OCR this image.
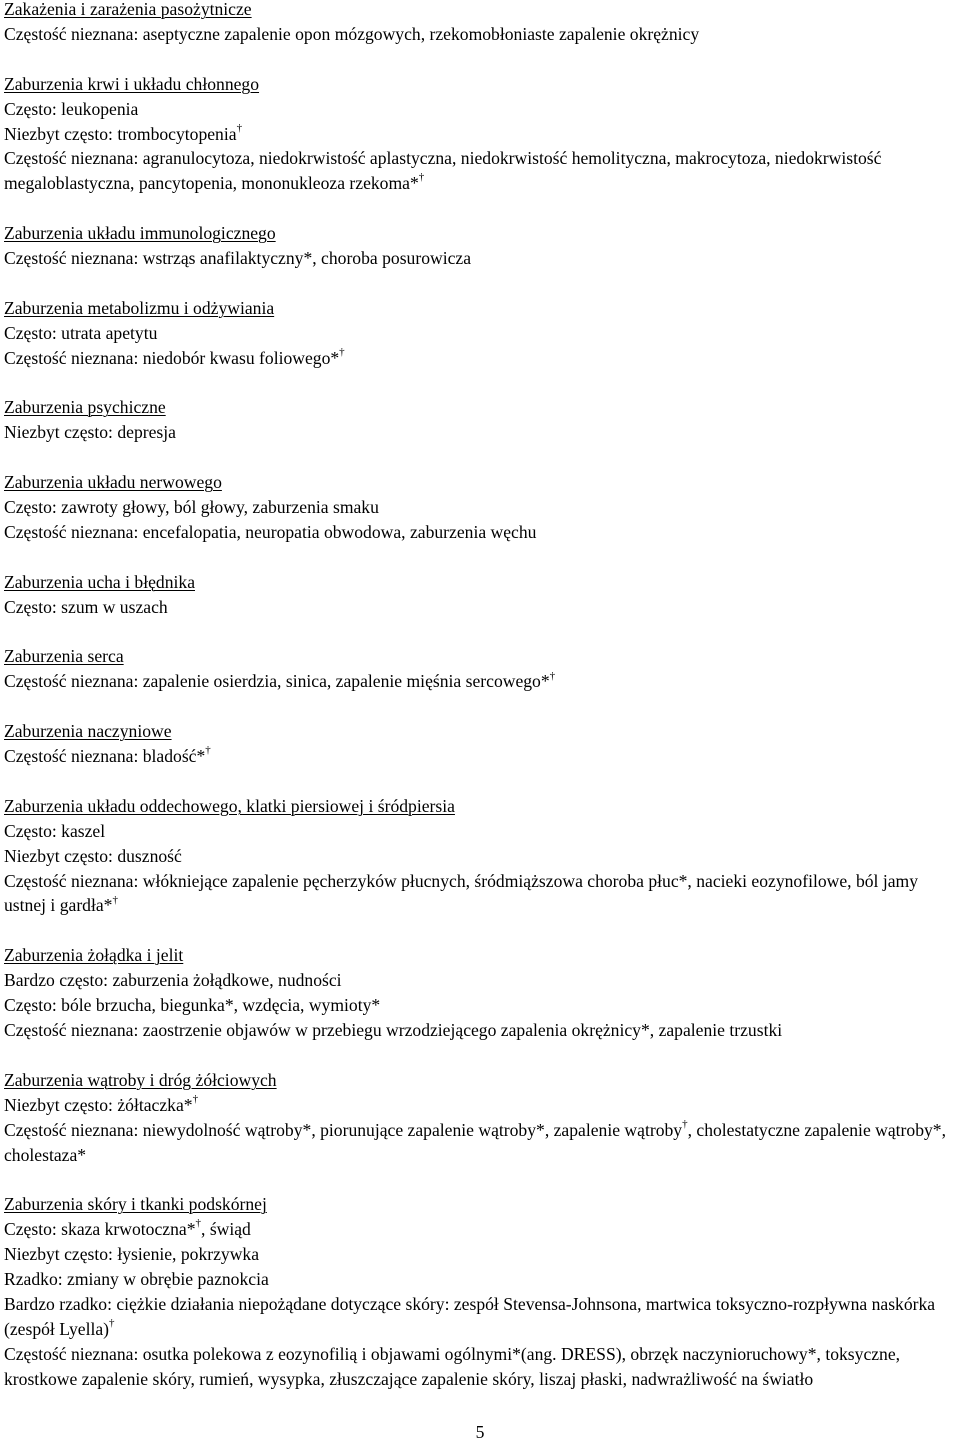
Zakażenia i zarażenia pasożytnicze
Częstość nieznana: aseptyczne zapalenie opon mózgowych, rzekomobłoniaste zapalenie okrężnicy
Zaburzenia krwi i układu chłonnego
Często: leukopenia
Niezbyt często: trombocytopenia†
Częstość nieznana: agranulocytoza, niedokrwistość aplastyczna, niedokrwistość hemolityczna, makrocytoza, niedokrwistość megaloblastyczna, pancytopenia, mononukleoza rzekoma*†
Zaburzenia układu immunologicznego
Częstość nieznana: wstrząs anafilaktyczny*, choroba posurowicza
Zaburzenia metabolizmu i odżywiania
Często: utrata apetytu
Częstość nieznana: niedobór kwasu foliowego*†
Zaburzenia psychiczne
Niezbyt często: depresja
Zaburzenia układu nerwowego
Często: zawroty głowy, ból głowy, zaburzenia smaku
Częstość nieznana: encefalopatia, neuropatia obwodowa, zaburzenia węchu
Zaburzenia ucha i błędnika
Często: szum w uszach
Zaburzenia serca
Częstość nieznana: zapalenie osierdzia, sinica, zapalenie mięśnia sercowego*†
Zaburzenia naczyniowe
Częstość nieznana: bladość*†
Zaburzenia układu oddechowego, klatki piersiowej i śródpiersia
Często: kaszel
Niezbyt często: duszność
Częstość nieznana: włókniejące zapalenie pęcherzyków płucnych, śródmiąższowa choroba płuc*, nacieki eozynofilowe, ból jamy ustnej i gardła*†
Zaburzenia żołądka i jelit
Bardzo często: zaburzenia żołądkowe, nudności
Często: bóle brzucha, biegunka*, wzdęcia, wymioty*
Częstość nieznana: zaostrzenie objawów w przebiegu wrzodziejącego zapalenia okrężnicy*, zapalenie trzustki
Zaburzenia wątroby i dróg żółciowych
Niezbyt często: żółtaczka*†
Częstość nieznana: niewydolność wątroby*, piorunujące zapalenie wątroby*, zapalenie wątroby†, cholestatyczne zapalenie wątroby*, cholestaza*
Zaburzenia skóry i tkanki podskórnej
Często: skaza krwotoczna*†, świąd
Niezbyt często: łysienie, pokrzywka
Rzadko: zmiany w obrębie paznokcia
Bardzo rzadko: ciężkie działania niepożądane dotyczące skóry: zespół Stevensa-Johnsona, martwica toksyczno-rozpływna naskórka (zespół Lyella)†
Częstość nieznana: osutka polekowa z eozynofilią i objawami ogólnymi*(ang. DRESS), obrzęk naczynioruchowy*, toksyczne, krostkowe zapalenie skóry, rumień, wysypka, złuszczające zapalenie skóry, liszaj płaski, nadwrażliwość na światło
5
